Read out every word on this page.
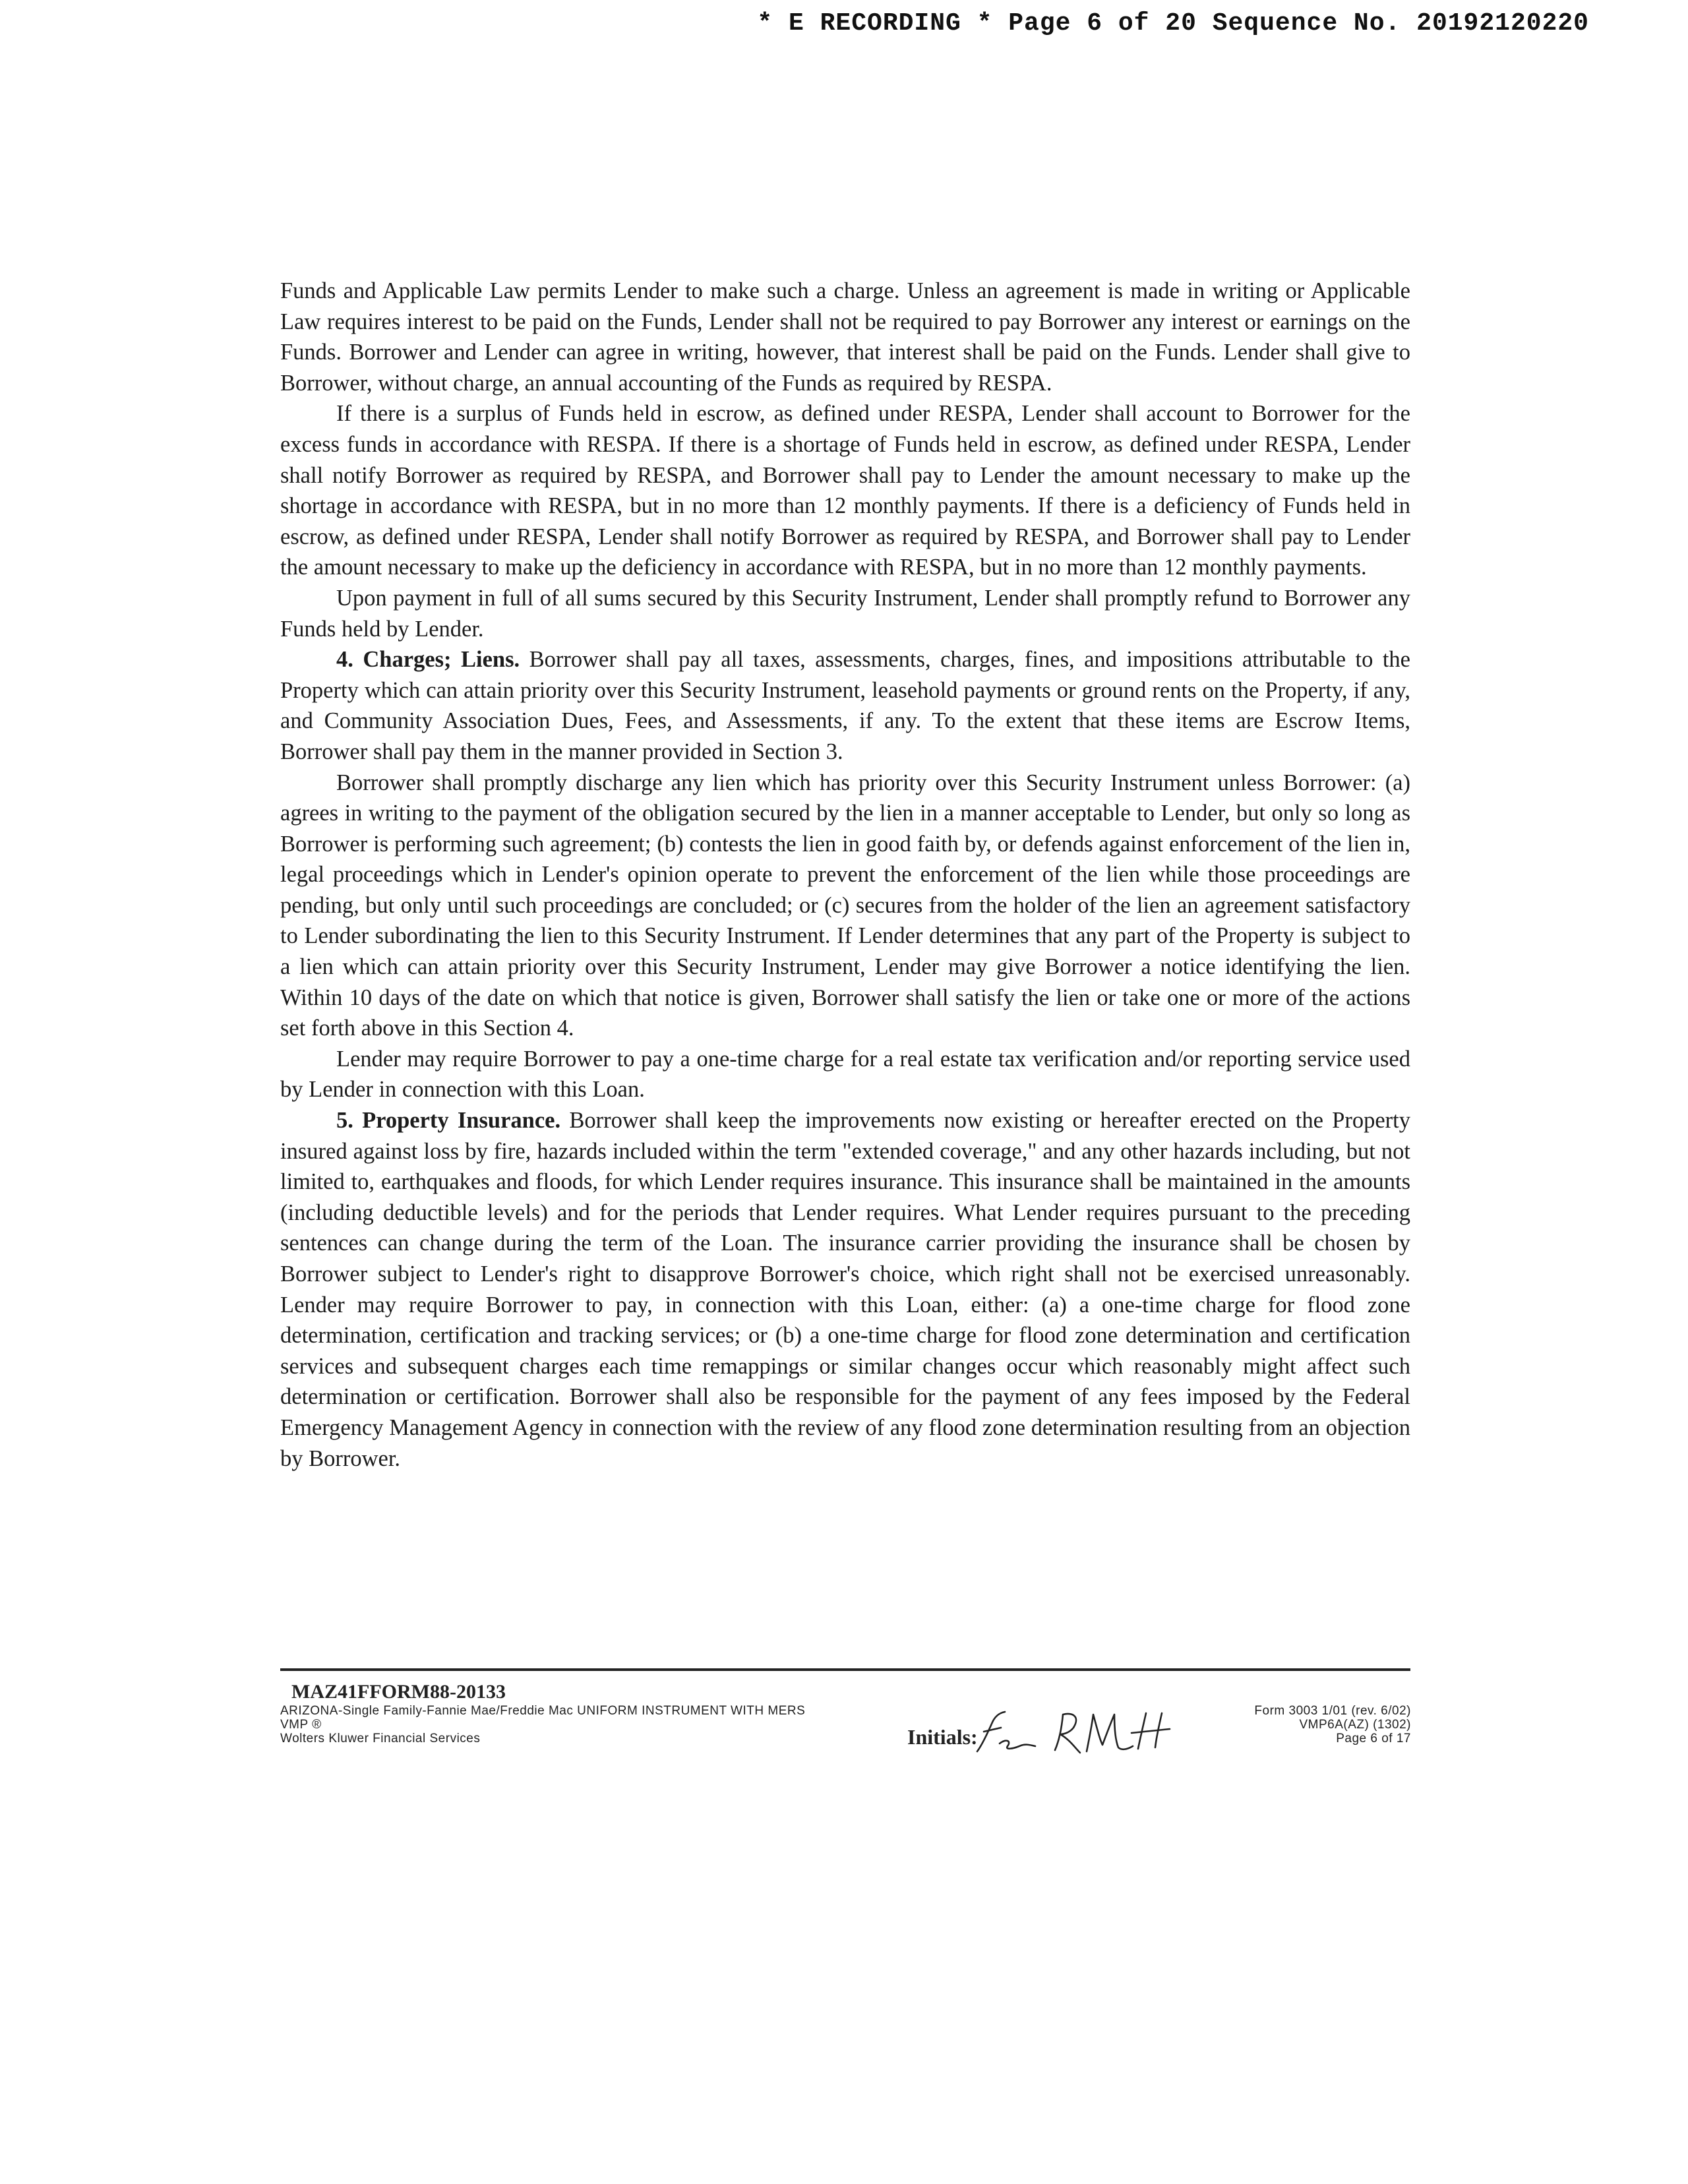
* E RECORDING * Page 6 of 20 Sequence No. 20192120220

Funds and Applicable Law permits Lender to make such a charge. Unless an agreement is made in writing or Applicable Law requires interest to be paid on the Funds, Lender shall not be required to pay Borrower any interest or earnings on the Funds. Borrower and Lender can agree in writing, however, that interest shall be paid on the Funds. Lender shall give to Borrower, without charge, an annual accounting of the Funds as required by RESPA.

If there is a surplus of Funds held in escrow, as defined under RESPA, Lender shall account to Borrower for the excess funds in accordance with RESPA. If there is a shortage of Funds held in escrow, as defined under RESPA, Lender shall notify Borrower as required by RESPA, and Borrower shall pay to Lender the amount necessary to make up the shortage in accordance with RESPA, but in no more than 12 monthly payments. If there is a deficiency of Funds held in escrow, as defined under RESPA, Lender shall notify Borrower as required by RESPA, and Borrower shall pay to Lender the amount necessary to make up the deficiency in accordance with RESPA, but in no more than 12 monthly payments.

Upon payment in full of all sums secured by this Security Instrument, Lender shall promptly refund to Borrower any Funds held by Lender.

4. Charges; Liens. Borrower shall pay all taxes, assessments, charges, fines, and impositions attributable to the Property which can attain priority over this Security Instrument, leasehold payments or ground rents on the Property, if any, and Community Association Dues, Fees, and Assessments, if any. To the extent that these items are Escrow Items, Borrower shall pay them in the manner provided in Section 3.

Borrower shall promptly discharge any lien which has priority over this Security Instrument unless Borrower: (a) agrees in writing to the payment of the obligation secured by the lien in a manner acceptable to Lender, but only so long as Borrower is performing such agreement; (b) contests the lien in good faith by, or defends against enforcement of the lien in, legal proceedings which in Lender's opinion operate to prevent the enforcement of the lien while those proceedings are pending, but only until such proceedings are concluded; or (c) secures from the holder of the lien an agreement satisfactory to Lender subordinating the lien to this Security Instrument. If Lender determines that any part of the Property is subject to a lien which can attain priority over this Security Instrument, Lender may give Borrower a notice identifying the lien. Within 10 days of the date on which that notice is given, Borrower shall satisfy the lien or take one or more of the actions set forth above in this Section 4.

Lender may require Borrower to pay a one-time charge for a real estate tax verification and/or reporting service used by Lender in connection with this Loan.

5. Property Insurance. Borrower shall keep the improvements now existing or hereafter erected on the Property insured against loss by fire, hazards included within the term "extended coverage," and any other hazards including, but not limited to, earthquakes and floods, for which Lender requires insurance. This insurance shall be maintained in the amounts (including deductible levels) and for the periods that Lender requires. What Lender requires pursuant to the preceding sentences can change during the term of the Loan. The insurance carrier providing the insurance shall be chosen by Borrower subject to Lender's right to disapprove Borrower's choice, which right shall not be exercised unreasonably. Lender may require Borrower to pay, in connection with this Loan, either: (a) a one-time charge for flood zone determination, certification and tracking services; or (b) a one-time charge for flood zone determination and certification services and subsequent charges each time remappings or similar changes occur which reasonably might affect such determination or certification. Borrower shall also be responsible for the payment of any fees imposed by the Federal Emergency Management Agency in connection with the review of any flood zone determination resulting from an objection by Borrower.

MAZ41FFORM88-20133
ARIZONA-Single Family-Fannie Mae/Freddie Mac UNIFORM INSTRUMENT WITH MERS
VMP ®
Wolters Kluwer Financial Services	Initials:
Form 3003 1/01 (rev. 6/02)
VMP6A(AZ) (1302)
Page 6 of 17
